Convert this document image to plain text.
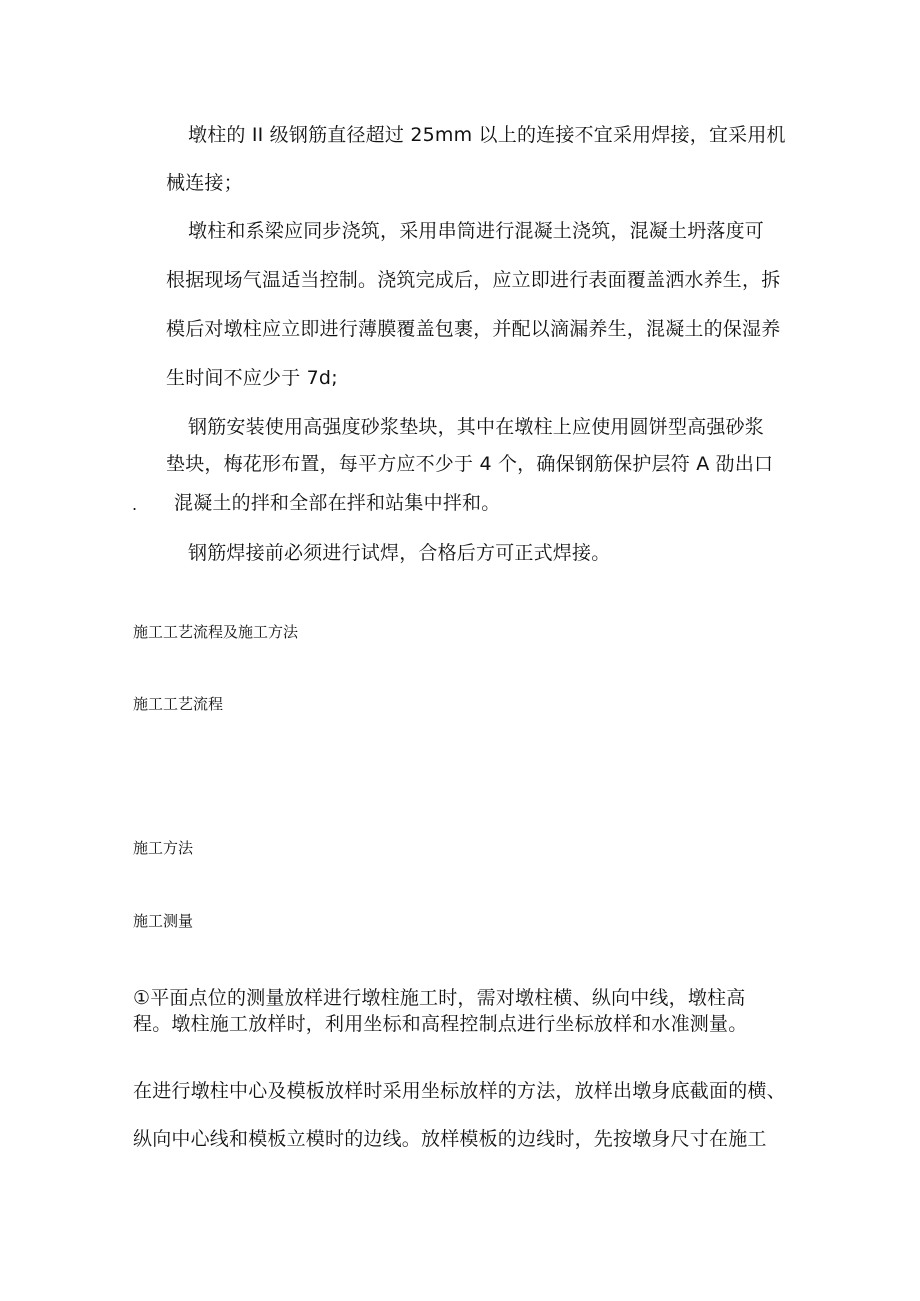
墩柱的 II 级钢筋直径超过 25mm 以上的连接不宜采用焊接，宜采用机
械连接；
墩柱和系梁应同步浇筑，采用串筒进行混凝土浇筑，混凝土坍落度可
根据现场气温适当控制。浇筑完成后，应立即进行表面覆盖洒水养生，拆
模后对墩柱应立即进行薄膜覆盖包裹，并配以滴漏养生，混凝土的保湿养
生时间不应少于 7d;
钢筋安装使用高强度砂浆垫块，其中在墩柱上应使用圆饼型高强砂浆
垫块，梅花形布置，每平方应不少于 4 个，确保钢筋保护层符 A 劭出口
. 混凝土的拌和全部在拌和站集中拌和。
钢筋焊接前必须进行试焊，合格后方可正式焊接。
施工工艺流程及施工方法
施工工艺流程
施工方法
施工测量
①平面点位的测量放样进行墩柱施工时，需对墩柱横、纵向中线，墩柱高
程。墩柱施工放样时，利用坐标和高程控制点进行坐标放样和水准测量。
在进行墩柱中心及模板放样时采用坐标放样的方法，放样出墩身底截面的横、
纵向中心线和模板立模时的边线。放样模板的边线时，先按墩身尺寸在施工
